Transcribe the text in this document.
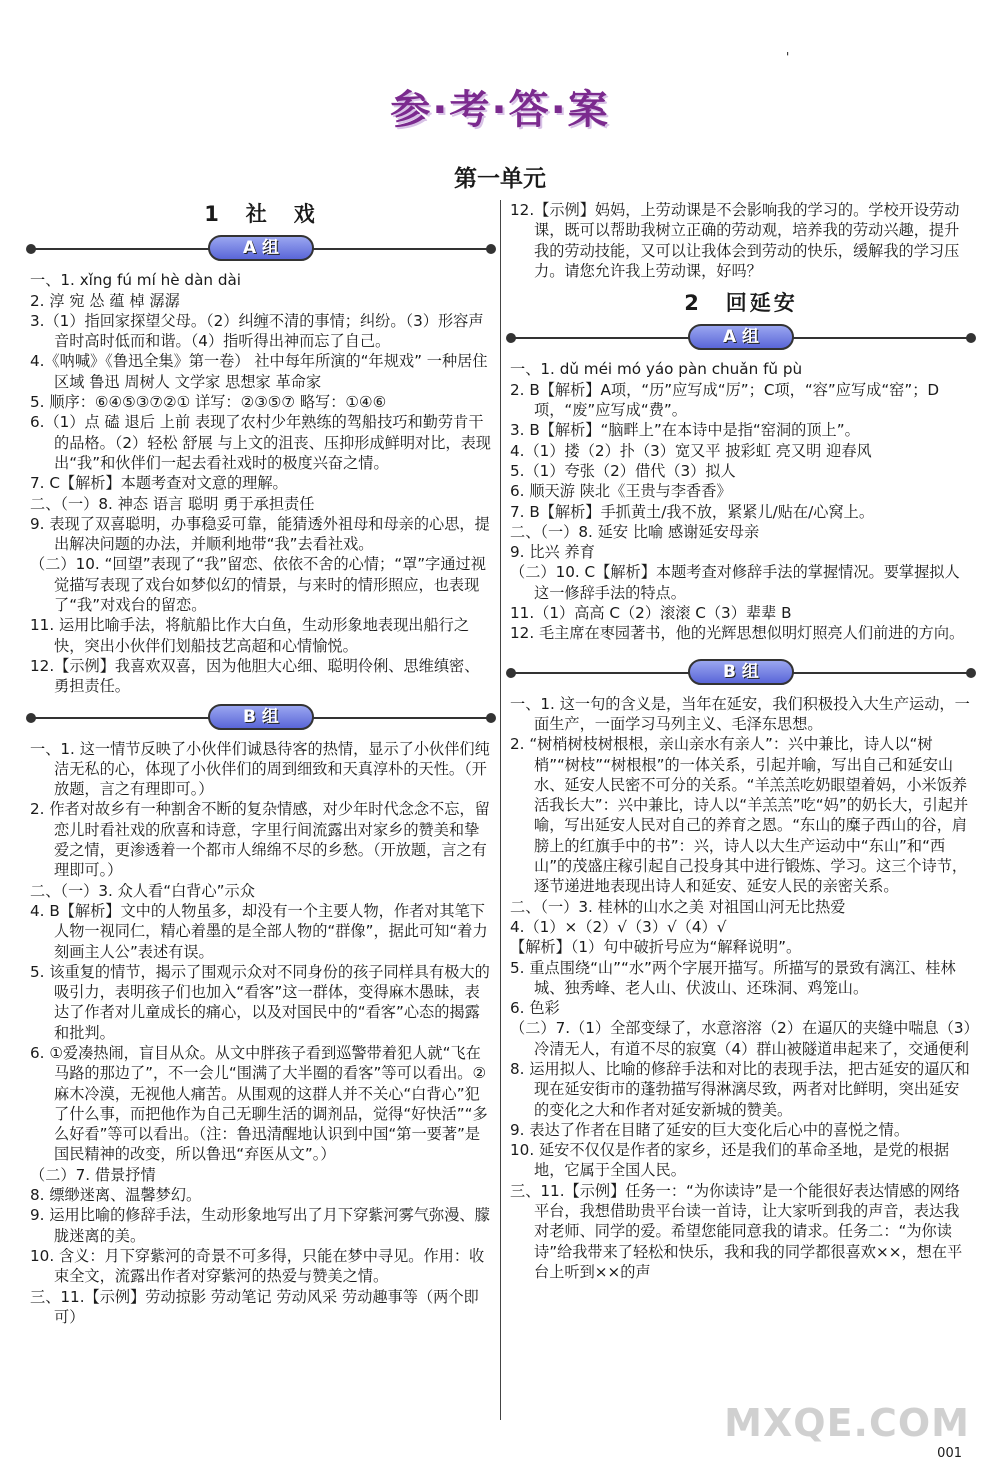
'
参·考·答·案
第一单元
1　社　戏
A 组

一、1. xǐng fú mí hè dàn dài

2. 淳 宛 怂 蕴 棹 潺潺

3.（1）指回家探望父母。（2）纠缠不清的事情；纠纷。（3）形容声音时高时低而和谐。（4）指听得出神而忘了自己。

4.《呐喊》《鲁迅全集》第一卷） 社中每年所演的“年规戏” 一种居住区域 鲁迅 周树人 文学家 思想家 革命家

5. 顺序：⑥④⑤③⑦②① 详写：②③⑤⑦ 略写：①④⑥

6.（1）点 磕 退后 上前 表现了农村少年熟练的驾船技巧和勤劳肯干的品格。（2）轻松 舒展 与上文的沮丧、压抑形成鲜明对比，表现出“我”和伙伴们一起去看社戏时的极度兴奋之情。

7. C【解析】本题考查对文意的理解。

二、（一）8. 神态 语言 聪明 勇于承担责任

9. 表现了双喜聪明，办事稳妥可靠，能猜透外祖母和母亲的心思，提出解决问题的办法，并顺利地带“我”去看社戏。

（二）10. “回望”表现了“我”留恋、依依不舍的心情；“罩”字通过视觉描写表现了戏台如梦似幻的情景，与来时的情形照应，也表现了“我”对戏台的留恋。

11. 运用比喻手法，将航船比作大白鱼，生动形象地表现出船行之快，突出小伙伴们划船技艺高超和心情愉悦。

12.【示例】我喜欢双喜，因为他胆大心细、聪明伶俐、思维缜密、勇担责任。

B 组

一、1. 这一情节反映了小伙伴们诚恳待客的热情，显示了小伙伴们纯洁无私的心，体现了小伙伴们的周到细致和天真淳朴的天性。（开放题，言之有理即可。）

2. 作者对故乡有一种割舍不断的复杂情感，对少年时代念念不忘，留恋儿时看社戏的欣喜和诗意，字里行间流露出对家乡的赞美和挚爱之情，更渗透着一个都市人绵绵不尽的乡愁。（开放题，言之有理即可。）

二、（一）3. 众人看“白背心”示众

4. B【解析】文中的人物虽多，却没有一个主要人物，作者对其笔下人物一视同仁，精心着墨的是全部人物的“群像”，据此可知“着力刻画主人公”表述有误。

5. 该重复的情节，揭示了围观示众对不同身份的孩子同样具有极大的吸引力，表明孩子们也加入“看客”这一群体，变得麻木愚昧，表达了作者对儿童成长的痛心，以及对国民中的“看客”心态的揭露和批判。

6. ①爱凑热闹，盲目从众。从文中胖孩子看到巡警带着犯人就“飞在马路的那边了”，不一会儿“围满了大半圈的看客”等可以看出。②麻木冷漠，无视他人痛苦。从围观的这群人并不关心“白背心”犯了什么事，而把他作为自己无聊生活的调剂品，觉得“好快活”“多么好看”等可以看出。（注：鲁迅清醒地认识到中国“第一要著”是国民精神的改变，所以鲁迅“弃医从文”。）

（二）7. 借景抒情

8. 缥缈迷离、温馨梦幻。

9. 运用比喻的修辞手法，生动形象地写出了月下穿紫河雾气弥漫、朦胧迷离的美。

10. 含义：月下穿紫河的奇景不可多得，只能在梦中寻见。作用：收束全文，流露出作者对穿紫河的热爱与赞美之情。

三、11.【示例】劳动掠影 劳动笔记 劳动风采 劳动趣事等（两个即可）

12.【示例】妈妈，上劳动课是不会影响我的学习的。学校开设劳动课，既可以帮助我树立正确的劳动观，培养我的劳动兴趣，提升我的劳动技能，又可以让我体会到劳动的快乐，缓解我的学习压力。请您允许我上劳动课，好吗？

2　回延安
A 组

一、1. dǔ méi mó yáo pàn chuǎn fǔ pù

2. B【解析】A项，“历”应写成“厉”；C项，“容”应写成“窑”；D项，“废”应写成“费”。

3. B【解析】“脑畔上”在本诗中是指“窑洞的顶上”。

4.（1）搂（2）扑（3）宽又平 披彩虹 亮又明 迎春风

5.（1）夸张（2）借代（3）拟人

6. 顺天游 陕北《王贵与李香香》

7. B【解析】手抓黄土/我不放，紧紧儿/贴在/心窝上。

二、（一）8. 延安 比喻 感谢延安母亲

9. 比兴 养育

（二）10. C【解析】本题考查对修辞手法的掌握情况。要掌握拟人这一修辞手法的特点。

11.（1）高高 C（2）滚滚 C（3）辈辈 B

12. 毛主席在枣园著书，他的光辉思想似明灯照亮人们前进的方向。

B 组

一、1. 这一句的含义是，当年在延安，我们积极投入大生产运动，一面生产，一面学习马列主义、毛泽东思想。

2. “树梢树枝树根根，亲山亲水有亲人”：兴中兼比，诗人以“树梢”“树枝”“树根根”的一体关系，引起并喻，写出自己和延安山水、延安人民密不可分的关系。“羊羔羔吃奶眼望着妈，小米饭养活我长大”：兴中兼比，诗人以“羊羔羔”吃“妈”的奶长大，引起并喻，写出延安人民对自己的养育之恩。“东山的糜子西山的谷，肩膀上的红旗手中的书”：兴，诗人以大生产运动中“东山”和“西山”的茂盛庄稼引起自己投身其中进行锻炼、学习。这三个诗节，逐节递进地表现出诗人和延安、延安人民的亲密关系。

二、（一）3. 桂林的山水之美 对祖国山河无比热爱

4.（1）×（2）√（3）√（4）√

【解析】（1）句中破折号应为“解释说明”。

5. 重点围绕“山”“水”两个字展开描写。所描写的景致有漓江、桂林城、独秀峰、老人山、伏波山、还珠洞、鸡笼山。

6. 色彩

（二）7.（1）全部变绿了，水意溶溶（2）在逼仄的夹缝中喘息（3）冷清无人，有道不尽的寂寞（4）群山被隧道串起来了，交通便利

8. 运用拟人、比喻的修辞手法和对比的表现手法，把古延安的逼仄和现在延安街市的蓬勃描写得淋漓尽致，两者对比鲜明，突出延安的变化之大和作者对延安新城的赞美。

9. 表达了作者在目睹了延安的巨大变化后心中的喜悦之情。

10. 延安不仅仅是作者的家乡，还是我们的革命圣地，是党的根据地，它属于全国人民。

三、11.【示例】任务一：“为你读诗”是一个能很好表达情感的网络平台，我想借助贵平台读一首诗，让大家听到我的声音，表达我对老师、同学的爱。希望您能同意我的请求。任务二：“为你读诗”给我带来了轻松和快乐，我和我的同学都很喜欢××，想在平台上听到××的声

MXQE.COM
001
